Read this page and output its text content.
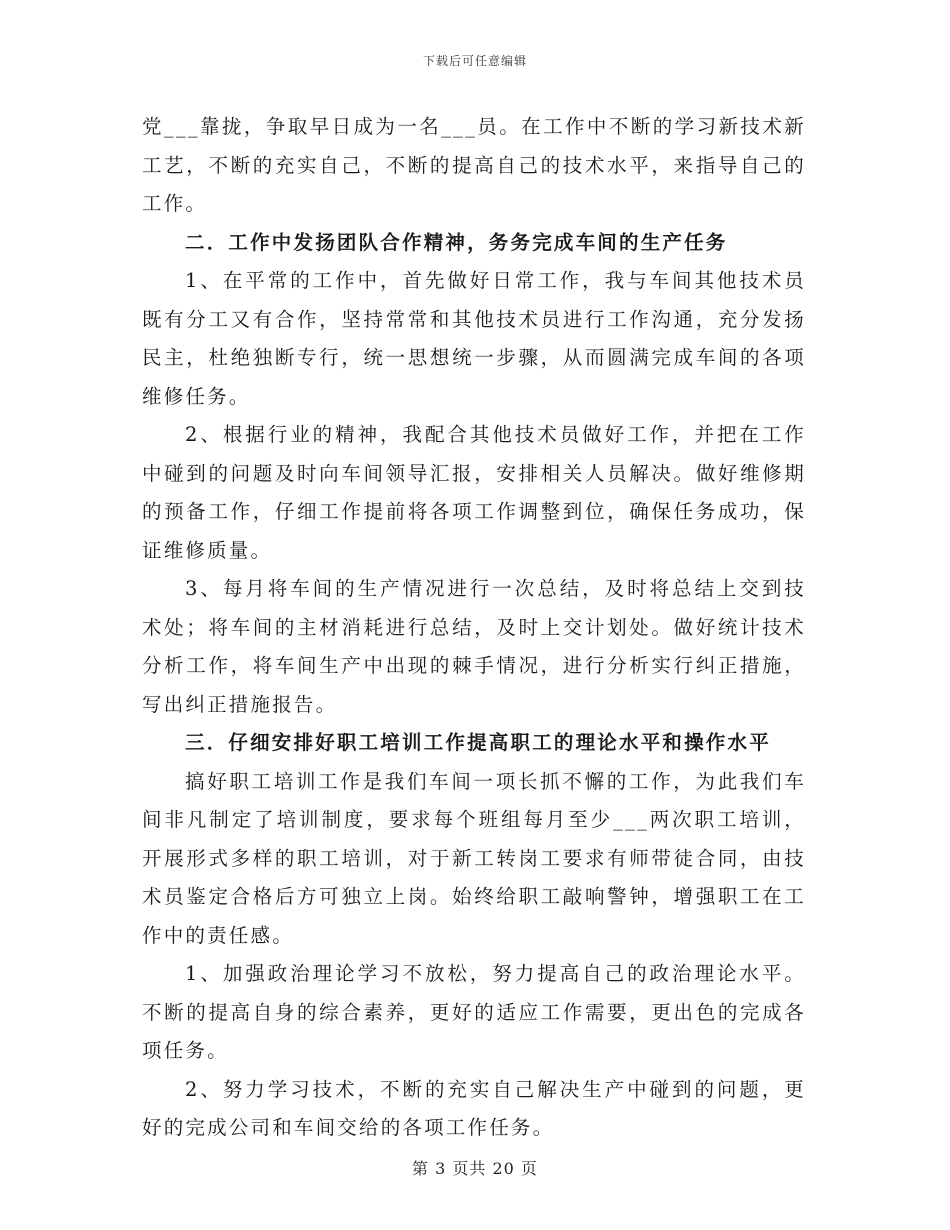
下载后可任意编辑

党___靠拢，争取早日成为一名___员。在工作中不断的学习新技术新工艺，不断的充实自己，不断的提高自己的技术水平，来指导自己的工作。

二．工作中发扬团队合作精神，务务完成车间的生产任务

1、在平常的工作中，首先做好日常工作，我与车间其他技术员既有分工又有合作，坚持常常和其他技术员进行工作沟通，充分发扬民主，杜绝独断专行，统一思想统一步骤，从而圆满完成车间的各项维修任务。

2、根据行业的精神，我配合其他技术员做好工作，并把在工作中碰到的问题及时向车间领导汇报，安排相关人员解决。做好维修期的预备工作，仔细工作提前将各项工作调整到位，确保任务成功，保证维修质量。

3、每月将车间的生产情况进行一次总结，及时将总结上交到技术处；将车间的主材消耗进行总结，及时上交计划处。做好统计技术分析工作，将车间生产中出现的棘手情况，进行分析实行纠正措施，写出纠正措施报告。

三．仔细安排好职工培训工作提高职工的理论水平和操作水平

搞好职工培训工作是我们车间一项长抓不懈的工作，为此我们车间非凡制定了培训制度，要求每个班组每月至少___两次职工培训，开展形式多样的职工培训，对于新工转岗工要求有师带徒合同，由技术员鉴定合格后方可独立上岗。始终给职工敲响警钟，增强职工在工作中的责任感。

1、加强政治理论学习不放松，努力提高自己的政治理论水平。不断的提高自身的综合素养，更好的适应工作需要，更出色的完成各项任务。

2、努力学习技术，不断的充实自己解决生产中碰到的问题，更好的完成公司和车间交给的各项工作任务。

第 3 页共 20 页
